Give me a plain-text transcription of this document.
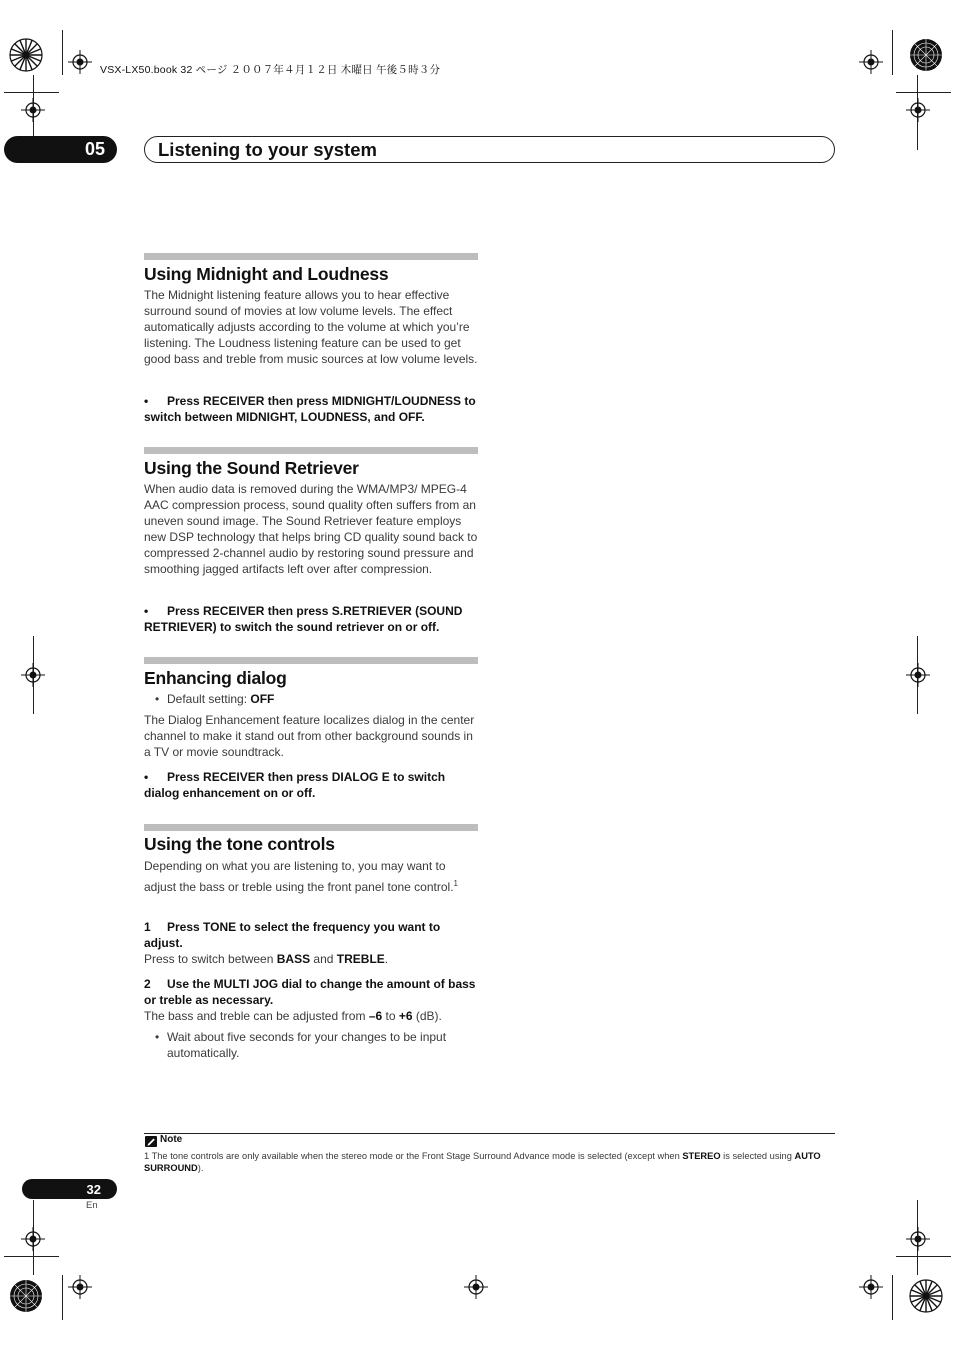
VSX-LX50.book 32 ページ ２００７年４月１２日 木曜日 午後５時３分
05	Listening to your system
Using Midnight and Loudness
The Midnight listening feature allows you to hear effective surround sound of movies at low volume levels. The effect automatically adjusts according to the volume at which you’re listening. The Loudness listening feature can be used to get good bass and treble from music sources at low volume levels.
• Press RECEIVER then press MIDNIGHT/LOUDNESS to switch between MIDNIGHT, LOUDNESS, and OFF.
Using the Sound Retriever
When audio data is removed during the WMA/MP3/ MPEG-4 AAC compression process, sound quality often suffers from an uneven sound image. The Sound Retriever feature employs new DSP technology that helps bring CD quality sound back to compressed 2-channel audio by restoring sound pressure and smoothing jagged artifacts left over after compression.
• Press RECEIVER then press S.RETRIEVER (SOUND RETRIEVER) to switch the sound retriever on or off.
Enhancing dialog
• Default setting: OFF
The Dialog Enhancement feature localizes dialog in the center channel to make it stand out from other background sounds in a TV or movie soundtrack.
• Press RECEIVER then press DIALOG E to switch dialog enhancement on or off.
Using the tone controls
Depending on what you are listening to, you may want to adjust the bass or treble using the front panel tone control.$^1$
1 Press TONE to select the frequency you want to adjust.
Press to switch between BASS and TREBLE.
2 Use the MULTI JOG dial to change the amount of bass or treble as necessary.
The bass and treble can be adjusted from –6 to +6 (dB).
• Wait about five seconds for your changes to be input automatically.
Note
1 The tone controls are only available when the stereo mode or the Front Stage Surround Advance mode is selected (except when STEREO is selected using AUTO SURROUND).
32
En
